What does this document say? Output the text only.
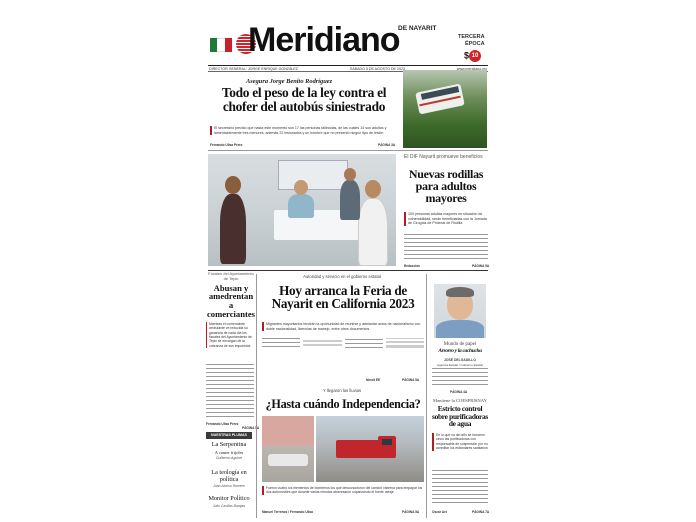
Meridiano
DE NAYARIT
TERCERA
ÉPOCA
$ 10
DIRECTOR GENERAL: JORGE ENRIQUE GONZÁLEZ	SÁBADO 5 DE AGOSTO DE 2023	www.meridiano.mx
Asegura Jorge Benito Rodríguez
Todo el peso de la ley contra el chofer del autobús siniestrado
El secretario precisó que hasta este momento son 17 las personas fallecidas, de las cuales 14 son adultos y lamentablemente tres menores, además 22 lesionados y un hombre que no presentó ningún tipo de lesión
Fernando Ulisa Pérez	PÁGINA 3A
El DIF Nayarit promueve beneficios
Nuevas rodillas para adultos mayores
100 personas adultas mayores en situación de vulnerabilidad, serán beneficiadas con la Jornada de Cirugías de Prótesis de Rodilla
Redacción	PÁGINA 5A
Focales del Ayuntamiento de Tepic
Abusan y amedrentan a comerciantes
Mientras el comerciante ambulante ve reducida su ganancia de cada día los fiscales del Ayuntamiento de Tepic se encargan de la cobranza de sus impuestos
Fernando Ulisa Pérez
PÁGINA 5A
NUESTRAS PLUMAS
La Serpentina
A comer frijoles
Guillermo Aguirre
La teología en política
Juan Alonso Romero
Monitor Político
Julio Casillas Barajas
Autoridad y servicio en el gobierno estatal
Hoy arranca la Feria de Nayarit en California 2023
Migrantes mayoritarios tendrán la oportunidad de reunirse y adelantar actos de nacionalismo con doble nacionalidad, licencias de manejo, entre otros documentos
Ninoit EE	PÁGINA 5A
Mundo de papel
Arrorro y la cachucha
JOSÉ DELGADILLO
Agencia Estatal / Gobierno Estatal
PÁGINA 4A
Y llegaron las lluvias
¿Hasta cuándo Independencia?
Fueron cuatro los elementos de bomberos los que desconoctoron del camión cisterna para empapar los dos automóviles que durante varias minutos atravesaron cuparizando el fuerte oleaje
Manuel Terrenos / Fernando Ulisa	PÁGINA 5A
Mantiene la COESPRISNAY
Estricto control sobre purificadoras de agua
En lo que va del año se tomaron cinco las purificadoras con responsable de suspensión por no acreditar los estándares sanitarios
Oscar Ael	PÁGINA 7A
